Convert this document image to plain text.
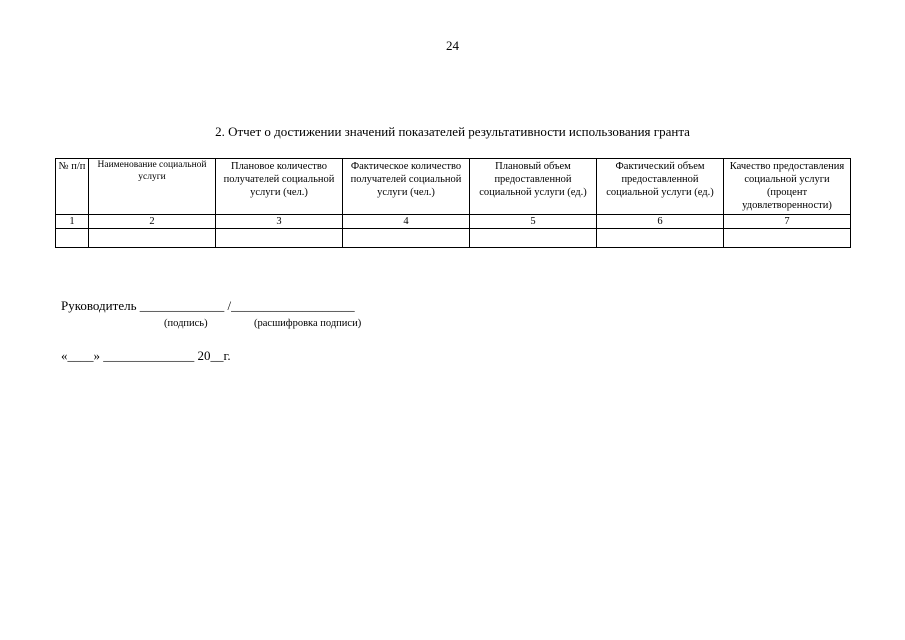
24
2. Отчет о достижении значений показателей результативности использования гранта
№ п/п	Наименование социальной услуги	Плановое количество получателей социальной услуги (чел.)	Фактическое количество получателей социальной услуги (чел.)	Плановый объем предоставленной социальной услуги (ед.)	Фактический объем предоставленной социальной услуги (ед.)	Качество предоставления социальной услуги (процент удовлетворенности)
1	2	3	4	5	6	7

Руководитель _____________ /___________________
(подпись)	(расшифровка подписи)
«____» ______________ 20__г.
